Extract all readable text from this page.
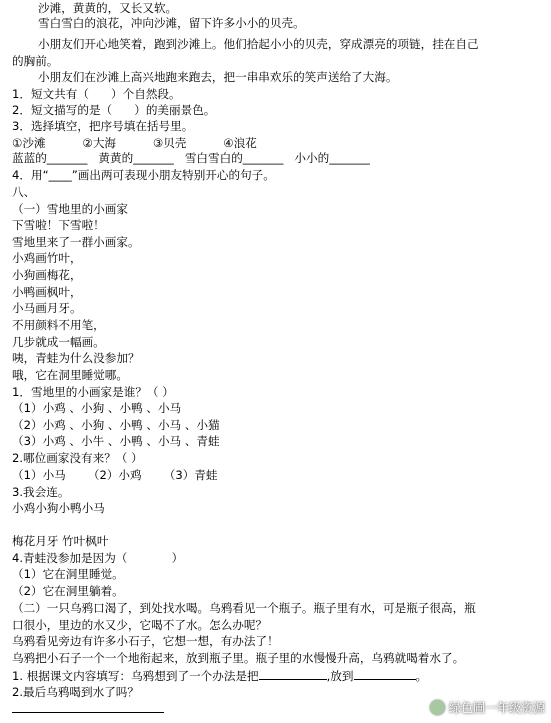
沙滩，黄黄的，又长又软。
雪白雪白的浪花，冲向沙滩，留下许多小小的贝壳。
小朋友们开心地笑着，跑到沙滩上。他们拾起小小的贝壳，穿成漂亮的项链，挂在自己
的胸前。
小朋友们在沙滩上高兴地跑来跑去，把一串串欢乐的笑声送给了大海。
1．短文共有（      ）个自然段。
2．短文描写的是（      ）的美丽景色。
3．选择填空，把序号填在括号里。
①沙滩          ②大海          ③贝壳          ④浪花
蓝蓝的_______   黄黄的_______   雪白雪白的_______   小小的_______
4．用“____”画出两可表现小朋友特别开心的句子。
八、
（一）雪地里的小画家
下雪啦！下雪啦！
雪地里来了一群小画家。
小鸡画竹叶，
小狗画梅花，
小鸭画枫叶，
小马画月牙。
不用颜料不用笔，
几步就成一幅画。
咦，青蛙为什么没参加？
哦，它在洞里睡觉哪。
1．雪地里的小画家是谁？（ ）
（1）小鸡 、小狗 、小鸭 、小马
（2）小鸡 、小狗 、小鸭 、小马 、小猫
（3）小鸡 、小牛 、小鸭 、小马 、青蛙
2.哪位画家没有来？（ ）
（1）小马      （2）小鸡      （3）青蛙
3.我会连。
小鸡小狗小鸭小马
梅花月牙 竹叶枫叶
4.青蛙没参加是因为（            ）
（1）它在洞里睡觉。
（2）它在洞里躺着。
（二）一只乌鸦口渴了，到处找水喝。乌鸦看见一个瓶子。瓶子里有水，可是瓶子很高，瓶
口很小，里边的水又少，它喝不了水。怎么办呢？
乌鸦看见旁边有许多小石子，它想一想，有办法了！
乌鸦把小石子一个一个地衔起来，放到瓶子里。瓶子里的水慢慢升高，乌鸦就喝着水了。
1. 根据课文内容填写：乌鸦想到了一个办法是把	,放到	。
2.最后乌鸦喝到水了吗？
绿色圃一年级资源
